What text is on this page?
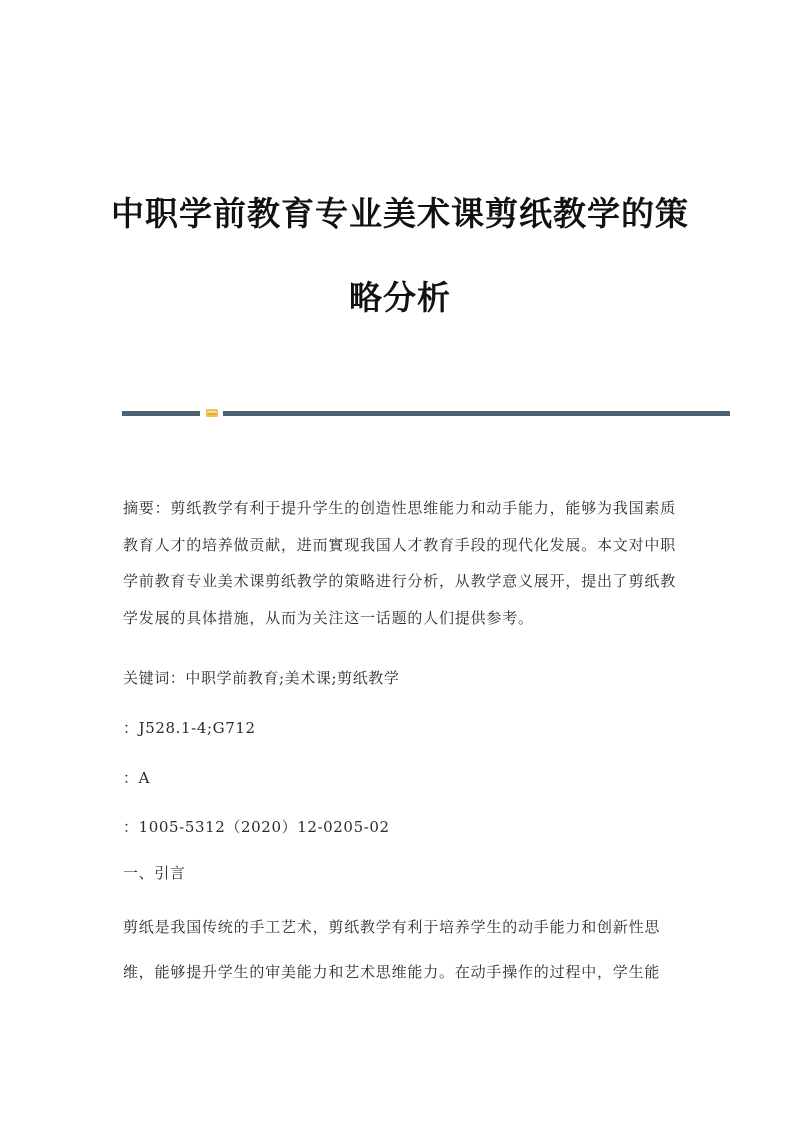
中职学前教育专业美术课剪纸教学的策
略分析

摘要：剪纸教学有利于提升学生的创造性思维能力和动手能力，能够为我国素质教育人才的培养做贡献，进而實现我国人才教育手段的现代化发展。本文对中职学前教育专业美术课剪纸教学的策略进行分析，从教学意义展开，提出了剪纸教学发展的具体措施，从而为关注这一话题的人们提供参考。

关键词：中职学前教育;美术课;剪纸教学
：J528.1-4;G712
：A
：1005-5312（2020）12-0205-02
一、引言

剪纸是我国传统的手工艺术，剪纸教学有利于培养学生的动手能力和创新性思维，能够提升学生的审美能力和艺术思维能力。在动手操作的过程中，学生能
